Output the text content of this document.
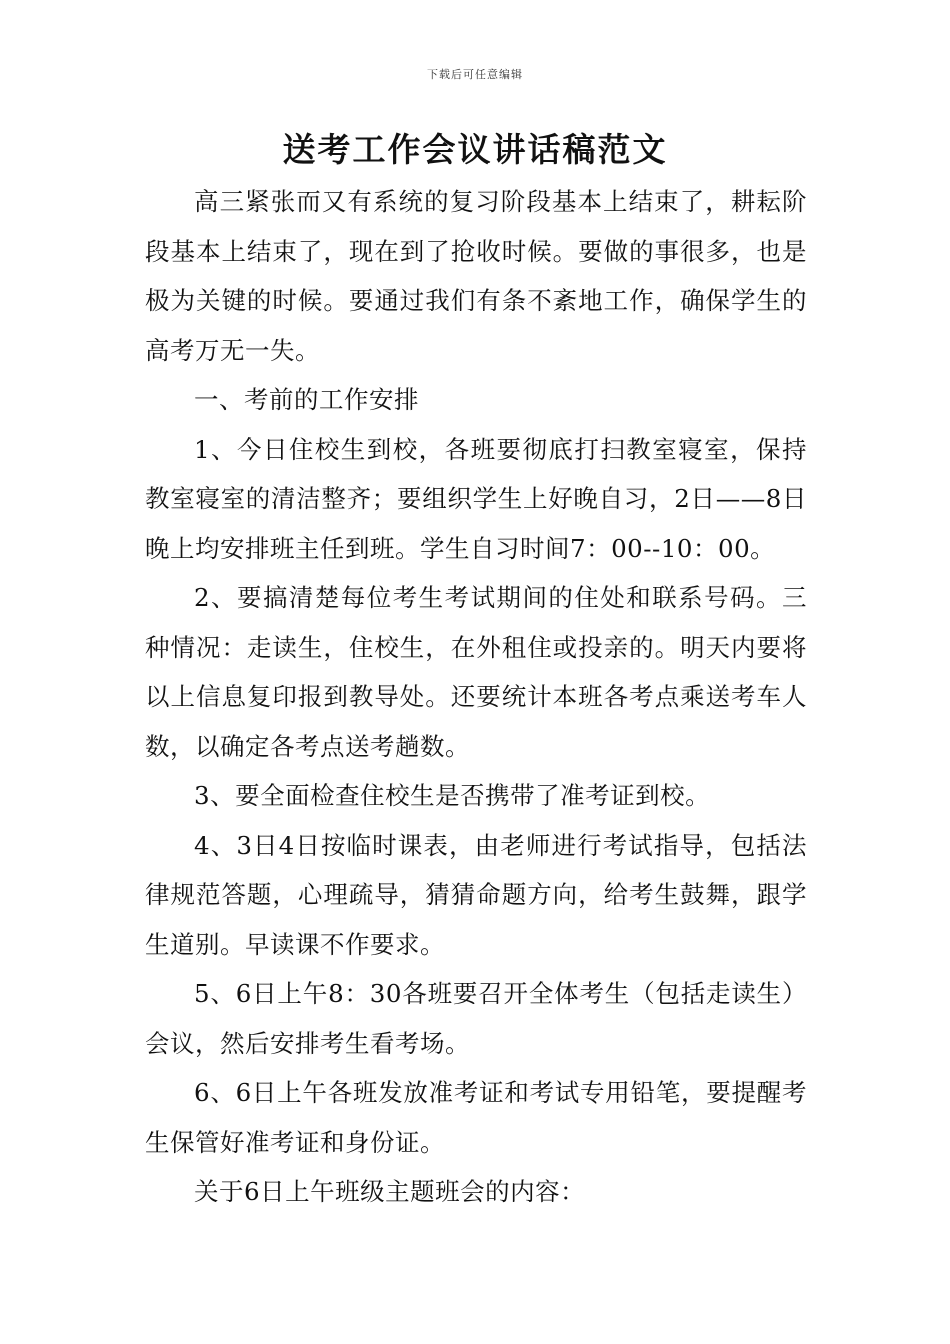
下载后可任意编辑
送考工作会议讲话稿范文

高三紧张而又有系统的复习阶段基本上结束了，耕耘阶段基本上结束了，现在到了抢收时候。要做的事很多，也是极为关键的时候。要通过我们有条不紊地工作，确保学生的高考万无一失。

一、考前的工作安排

1、今日住校生到校，各班要彻底打扫教室寝室，保持教室寝室的清洁整齐；要组织学生上好晚自习，2日——8日晚上均安排班主任到班。学生自习时间7：00--10：00。

2、要搞清楚每位考生考试期间的住处和联系号码。三种情况：走读生，住校生，在外租住或投亲的。明天内要将以上信息复印报到教导处。还要统计本班各考点乘送考车人数，以确定各考点送考趟数。

3、要全面检查住校生是否携带了准考证到校。

4、3日4日按临时课表，由老师进行考试指导，包括法律规范答题，心理疏导，猜猜命题方向，给考生鼓舞，跟学生道别。早读课不作要求。

5、6日上午8：30各班要召开全体考生（包括走读生）会议，然后安排考生看考场。

6、6日上午各班发放准考证和考试专用铅笔，要提醒考生保管好准考证和身份证。

关于6日上午班级主题班会的内容：
